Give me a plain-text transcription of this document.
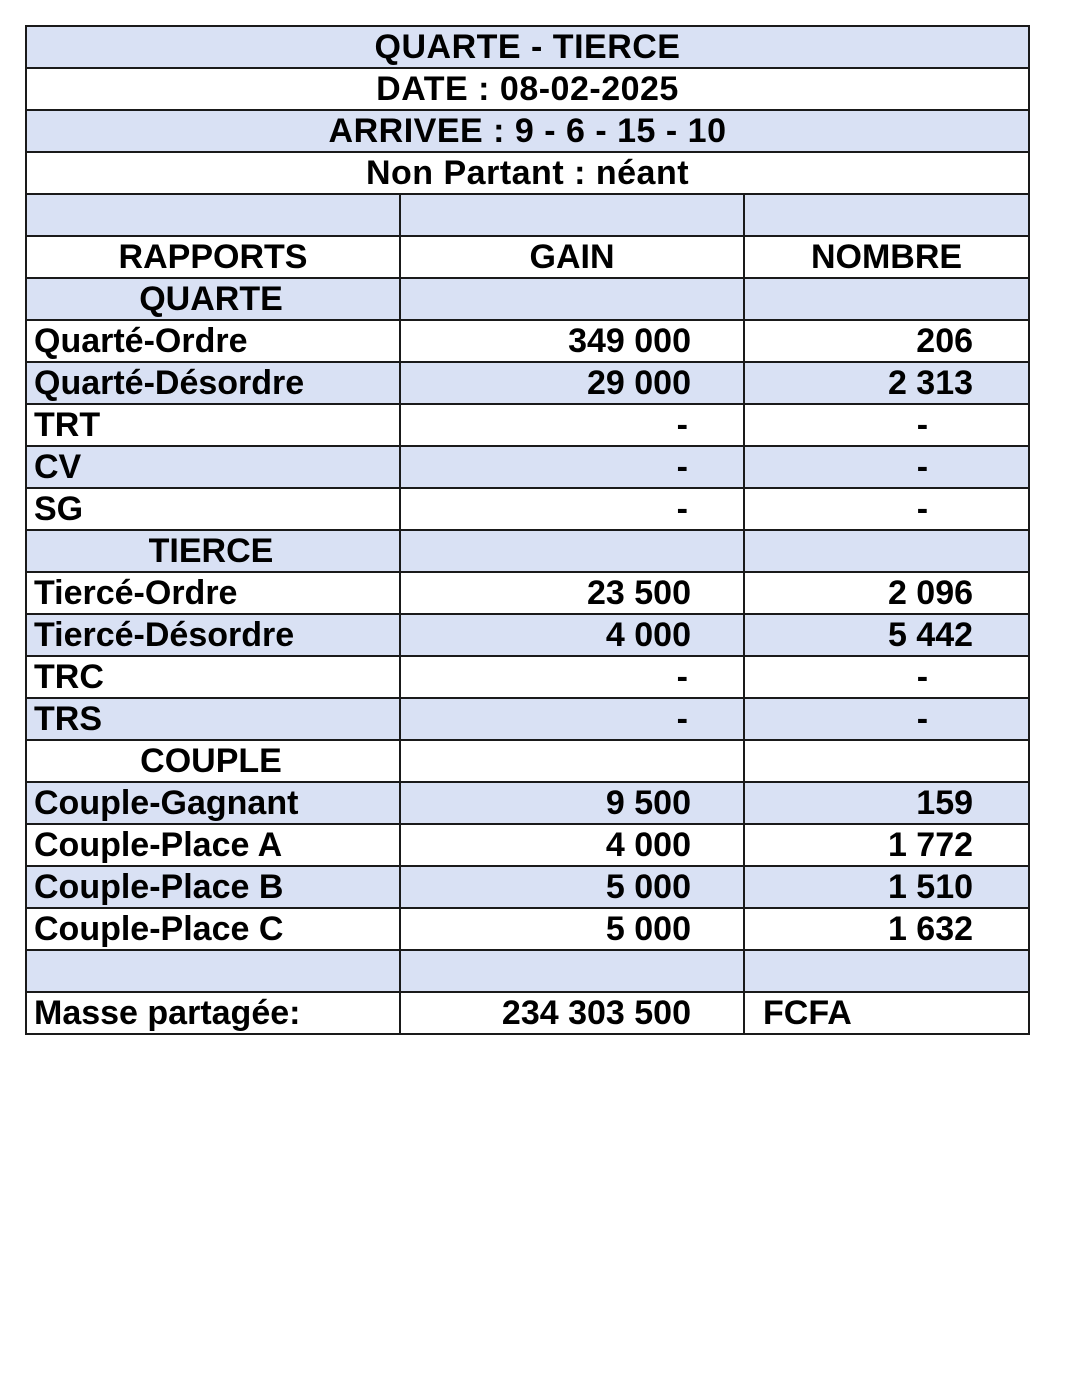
QUARTE - TIERCE		
DATE : 08-02-2025		
ARRIVEE : 9 - 6 - 15 - 10		
Non Partant : néant		

RAPPORTS	GAIN	NOMBRE
QUARTE		
Quarté-Ordre	349 000	206
Quarté-Désordre	29 000	2 313
TRT	-	-
CV	-	-
SG	-	-
TIERCE		
Tiercé-Ordre	23 500	2 096
Tiercé-Désordre	4 000	5 442
TRC	-	-
TRS	-	-
COUPLE		
Couple-Gagnant	9 500	159
Couple-Place A	4 000	1 772
Couple-Place B	5 000	1 510
Couple-Place C	5 000	1 632

Masse partagée:	234 303 500	FCFA
